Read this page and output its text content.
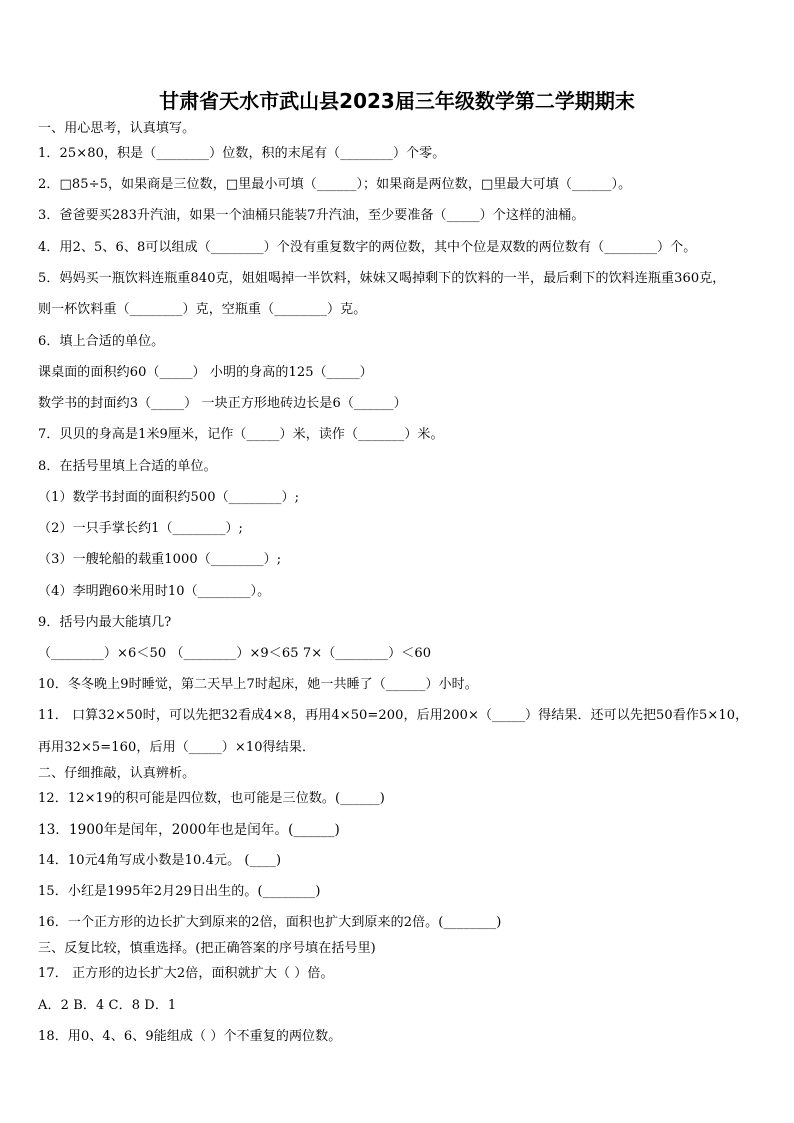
甘肃省天水市武山县2023届三年级数学第二学期期末
一、用心思考，认真填写。
1．25×80，积是（________）位数，积的末尾有（________）个零。
2．□85÷5，如果商是三位数，□里最小可填（______）；如果商是两位数，□里最大可填（______）。
3．爸爸要买283升汽油，如果一个油桶只能装7升汽油，至少要准备（_____）个这样的油桶。
4．用2、5、6、8可以组成（________）个没有重复数字的两位数，其中个位是双数的两位数有（________）个。
5．妈妈买一瓶饮料连瓶重840克，姐姐喝掉一半饮料，妹妹又喝掉剩下的饮料的一半，最后剩下的饮料连瓶重360克，
则一杯饮料重（________）克，空瓶重（________）克。
6．填上合适的单位。
课桌面的面积约60（_____） 小明的身高的125（_____）
数学书的封面约3（_____） 一块正方形地砖边长是6（______）
7．贝贝的身高是1米9厘米，记作（_____）米，读作（_______）米。
8．在括号里填上合适的单位。
（1）数学书封面的面积约500（________）;
（2）一只手掌长约1（________）;
（3）一艘轮船的载重1000（________）;
（4）李明跑60米用时10（________）。
9．括号内最大能填几?
（________）×6＜50 （________）×9＜65 7×（________）＜60
10．冬冬晚上9时睡觉，第二天早上7时起床，她一共睡了（______）小时。
11． 口算32×50时，可以先把32看成4×8，再用4×50=200，后用200×（_____）得结果．还可以先把50看作5×10，
再用32×5=160，后用（_____）×10得结果．
二、仔细推敲，认真辨析。
12．12×19的积可能是四位数，也可能是三位数。(______)
13．1900年是闰年，2000年也是闰年。(______)
14．10元4角写成小数是10.4元。 (____)
15．小红是1995年2月29日出生的。(________)
16．一个正方形的边长扩大到原来的2倍，面积也扩大到原来的2倍。(________)
三、反复比较，慎重选择。(把正确答案的序号填在括号里)
17． 正方形的边长扩大2倍，面积就扩大（ ）倍。
A．2 B．4 C．8 D．1
18．用0、4、6、9能组成（ ）个不重复的两位数。
